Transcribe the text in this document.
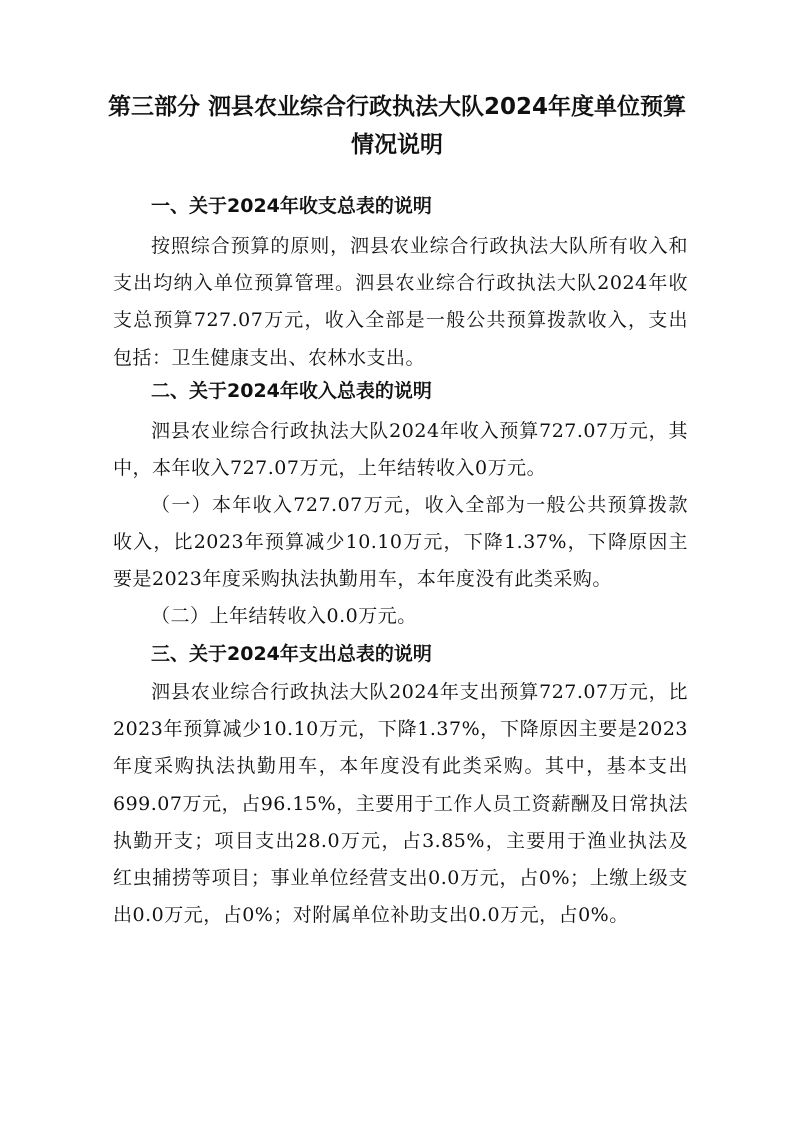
第三部分 泗县农业综合行政执法大队2024年度单位预算情况说明
一、关于2024年收支总表的说明

按照综合预算的原则，泗县农业综合行政执法大队所有收入和支出均纳入单位预算管理。泗县农业综合行政执法大队2024年收支总预算727.07万元，收入全部是一般公共预算拨款收入，支出包括：卫生健康支出、农林水支出。

二、关于2024年收入总表的说明

泗县农业综合行政执法大队2024年收入预算727.07万元，其中，本年收入727.07万元，上年结转收入0万元。

（一）本年收入727.07万元，收入全部为一般公共预算拨款收入，比2023年预算减少10.10万元，下降1.37%，下降原因主要是2023年度采购执法执勤用车，本年度没有此类采购。

（二）上年结转收入0.0万元。

三、关于2024年支出总表的说明

泗县农业综合行政执法大队2024年支出预算727.07万元，比2023年预算减少10.10万元，下降1.37%，下降原因主要是2023年度采购执法执勤用车，本年度没有此类采购。其中，基本支出699.07万元，占96.15%，主要用于工作人员工资薪酬及日常执法执勤开支；项目支出28.0万元，占3.85%，主要用于渔业执法及红虫捕捞等项目；事业单位经营支出0.0万元，占0%；上缴上级支出0.0万元，占0%；对附属单位补助支出0.0万元，占0%。
